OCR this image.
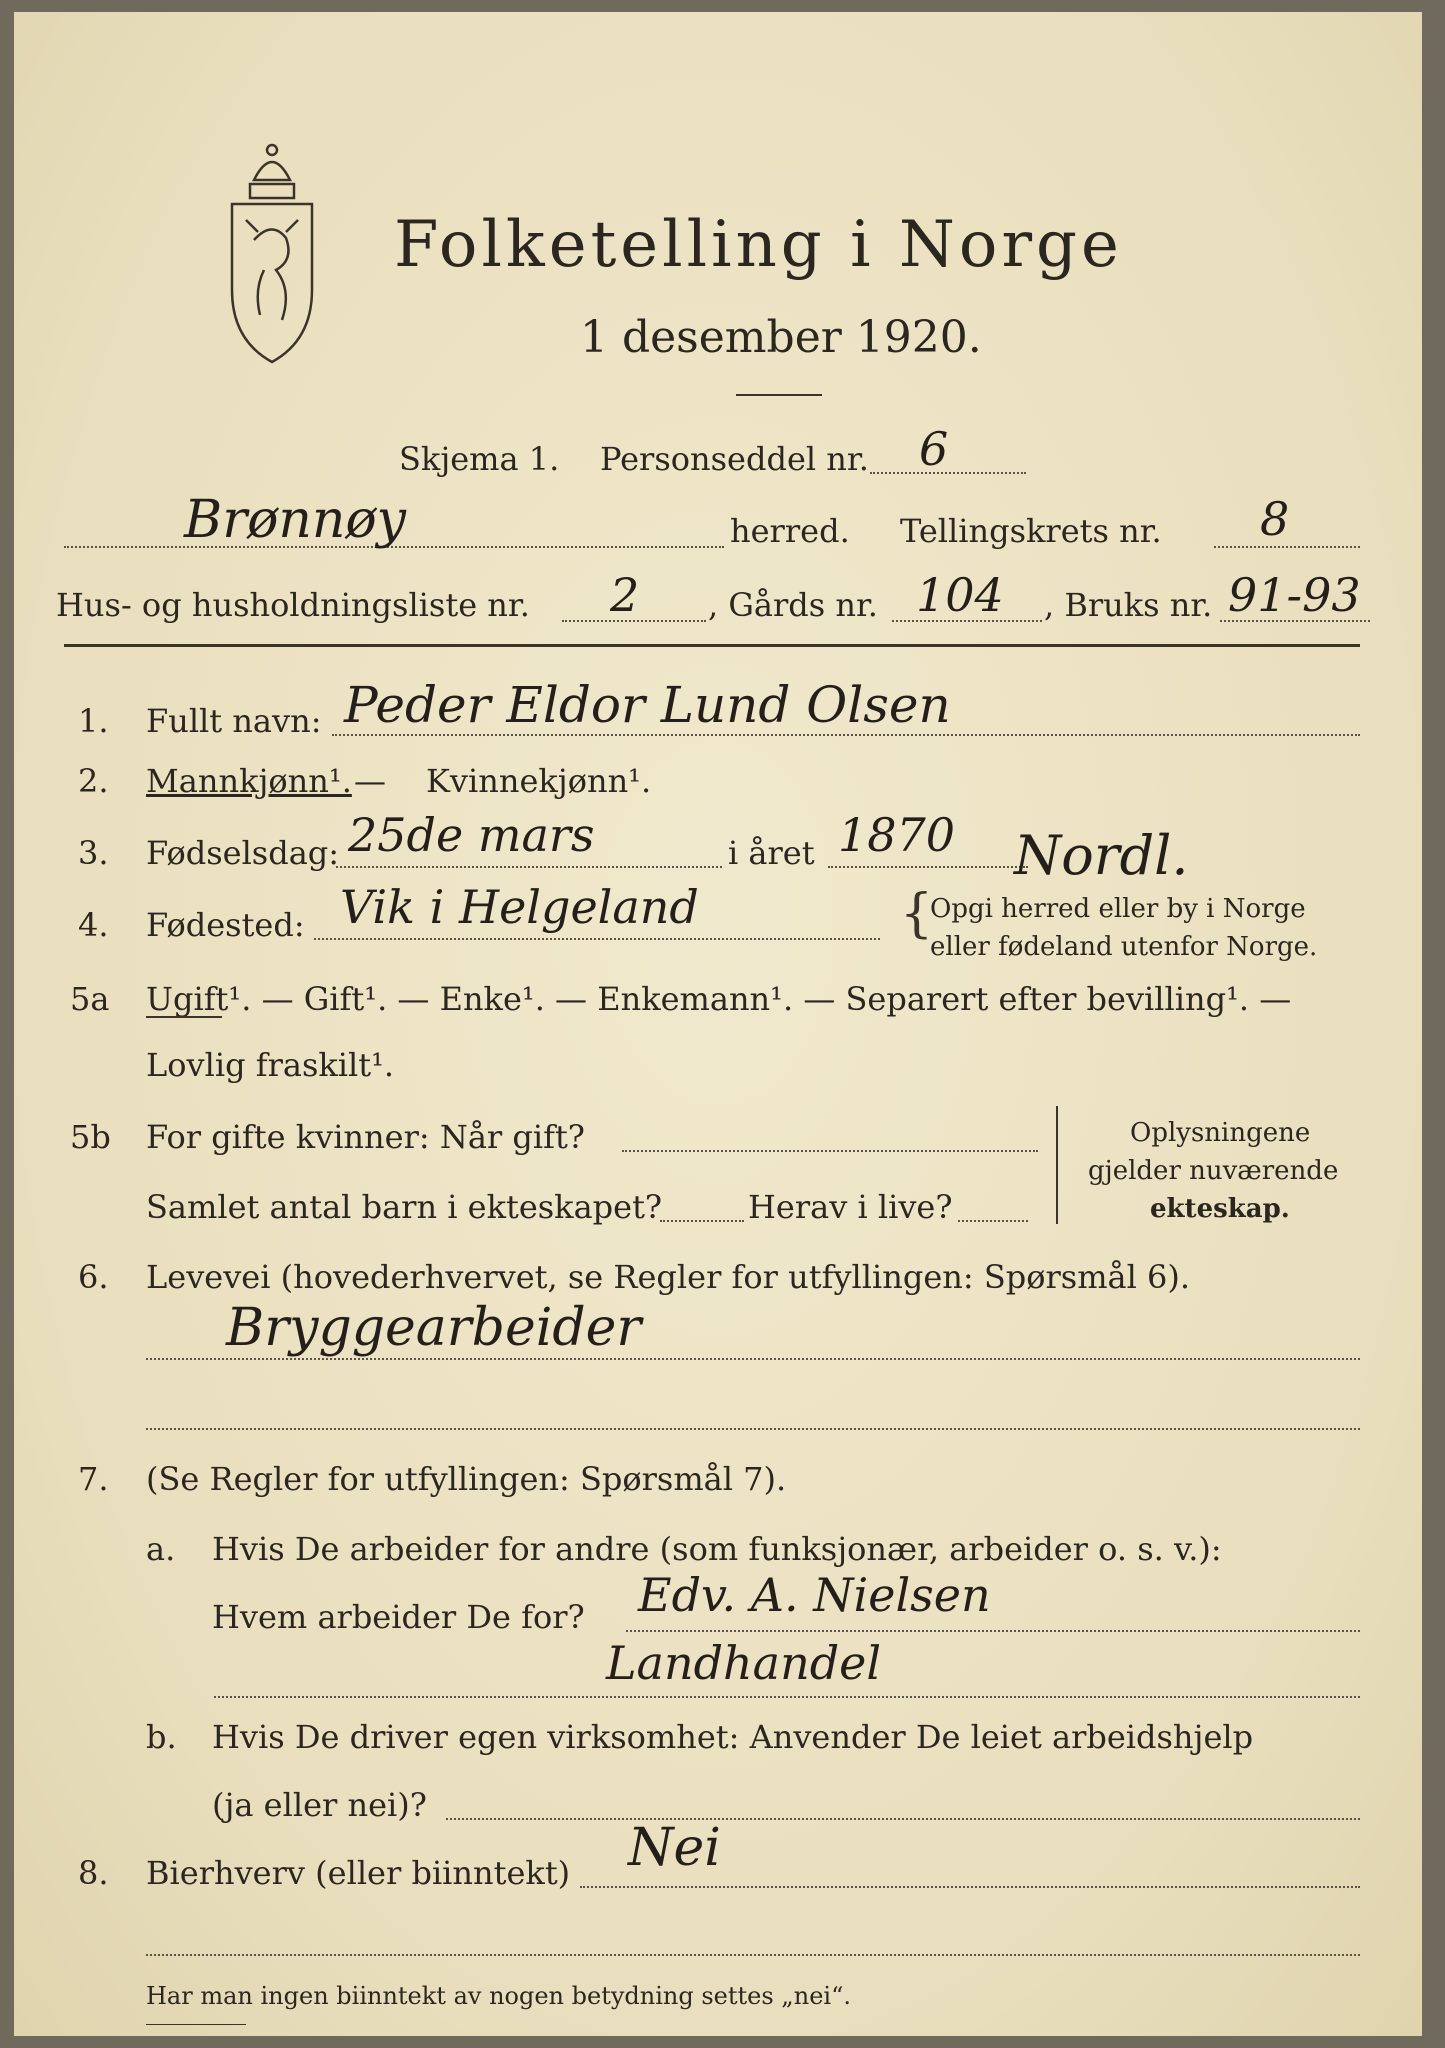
Folketelling i Norge
1 desember 1920.
Skjema 1. Personseddel nr. 6
Brønnøy	herred. Tellingskrets nr. 8
Hus- og husholdningsliste nr. 2 , Gårds nr. 104 , Bruks nr. 91-93
1. Fullt navn: Peder Eldor Lund Olsen
2. Mannkjønn¹. — Kvinnekjønn¹.
3. Fødselsdag: 25de mars	i året 1870 Nordl.
4. Fødested: Vik i Helgeland	{
Opgi herred eller by i Norge
eller fødeland utenfor Norge.
5a Ugift¹. — Gift¹. — Enke¹. — Enkemann¹. — Separert efter bevilling¹. —
Lovlig fraskilt¹.
5b For gifte kvinner: Når gift?
Samlet antal barn i ekteskapet?	Herav i live?
Oplysningene
gjelder nuværende
ekteskap.
6. Levevei (hovederhvervet, se Regler for utfyllingen: Spørsmål 6).
Bryggearbeider
7. (Se Regler for utfyllingen: Spørsmål 7).
a. Hvis De arbeider for andre (som funksjonær, arbeider o. s. v.):
Hvem arbeider De for? Edv. A. Nielsen
Landhandel
b. Hvis De driver egen virksomhet: Anvender De leiet arbeidshjelp
(ja eller nei)?
8. Bierhverv (eller biinntekt) Nei
Har man ingen biinntekt av nogen betydning settes „nei“.
